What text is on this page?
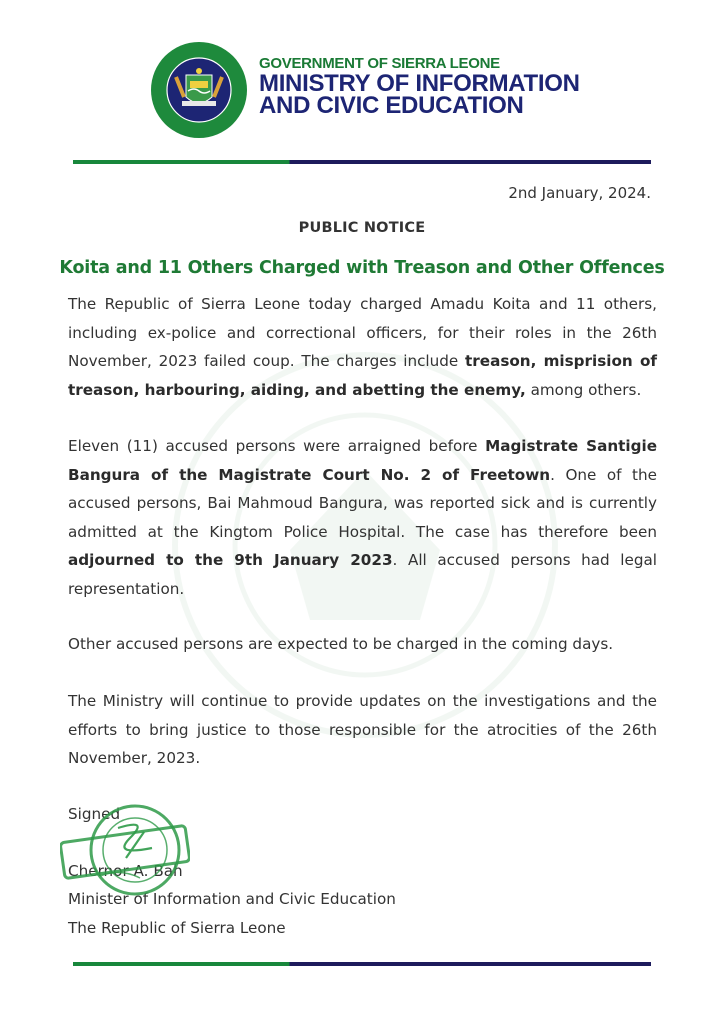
GOVERNMENT OF SIERRA LEONE
MINISTRY OF INFORMATION
AND CIVIC EDUCATION
2nd January, 2024.
PUBLIC NOTICE
Koita and 11 Others Charged with Treason and Other Offences
The Republic of Sierra Leone today charged Amadu Koita and 11 others, including ex-police and correctional officers, for their roles in the 26th November, 2023 failed coup. The charges include treason, misprision of treason, harbouring, aiding, and abetting the enemy, among others.
Eleven (11) accused persons were arraigned before Magistrate Santigie Bangura of the Magistrate Court No. 2 of Freetown. One of the accused persons, Bai Mahmoud Bangura, was reported sick and is currently admitted at the Kingtom Police Hospital. The case has therefore been adjourned to the 9th January 2023. All accused persons had legal representation.
Other accused persons are expected to be charged in the coming days.
The Ministry will continue to provide updates on the investigations and the efforts to bring justice to those responsible for the atrocities of the 26th November, 2023.
Signed
Chernor A. Bah
Minister of Information and Civic Education
The Republic of Sierra Leone
